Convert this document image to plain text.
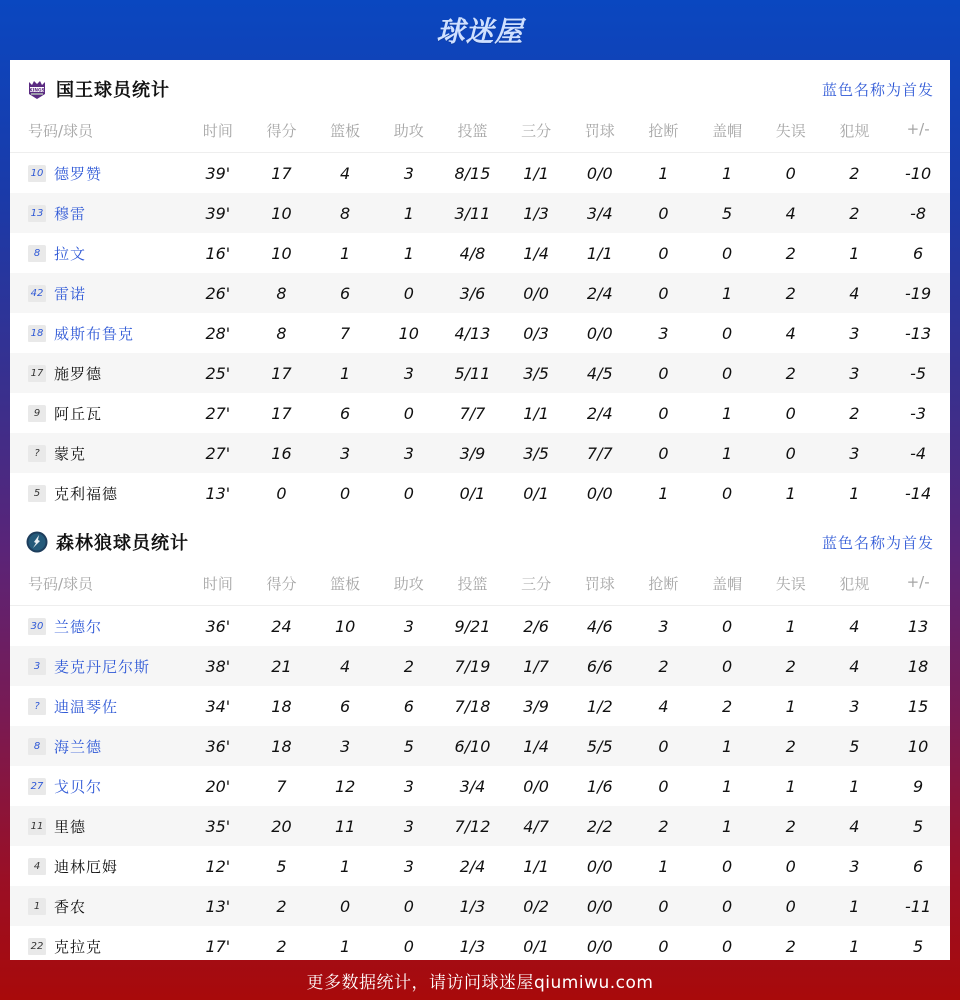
球迷屋
KINGS 国王球员统计	蓝色名称为首发
号码/球员	时间	得分	篮板	助攻	投篮	三分	罚球	抢断	盖帽	失误	犯规	+/-
10 德罗赞	39'	17	4	3	8/15	1/1	0/0	1	1	0	2	-10
13 穆雷	39'	10	8	1	3/11	1/3	3/4	0	5	4	2	-8
8 拉文	16'	10	1	1	4/8	1/4	1/1	0	0	2	1	6
42 雷诺	26'	8	6	0	3/6	0/0	2/4	0	1	2	4	-19
18 威斯布鲁克	28'	8	7	10	4/13	0/3	0/0	3	0	4	3	-13
17 施罗德	25'	17	1	3	5/11	3/5	4/5	0	0	2	3	-5
9 阿丘瓦	27'	17	6	0	7/7	1/1	2/4	0	1	0	2	-3
? 蒙克	27'	16	3	3	3/9	3/5	7/7	0	1	0	3	-4
5 克利福德	13'	0	0	0	0/1	0/1	0/0	1	0	1	1	-14
森林狼球员统计	蓝色名称为首发
号码/球员	时间	得分	篮板	助攻	投篮	三分	罚球	抢断	盖帽	失误	犯规	+/-
30 兰德尔	36'	24	10	3	9/21	2/6	4/6	3	0	1	4	13
3 麦克丹尼尔斯	38'	21	4	2	7/19	1/7	6/6	2	0	2	4	18
? 迪温琴佐	34'	18	6	6	7/18	3/9	1/2	4	2	1	3	15
8 海兰德	36'	18	3	5	6/10	1/4	5/5	0	1	2	5	10
27 戈贝尔	20'	7	12	3	3/4	0/0	1/6	0	1	1	1	9
11 里德	35'	20	11	3	7/12	4/7	2/2	2	1	2	4	5
4 迪林厄姆	12'	5	1	3	2/4	1/1	0/0	1	0	0	3	6
1 香农	13'	2	0	0	1/3	0/2	0/0	0	0	0	1	-11
22 克拉克	17'	2	1	0	1/3	0/1	0/0	0	0	2	1	5
更多数据统计，请访问球迷屋qiumiwu.com
